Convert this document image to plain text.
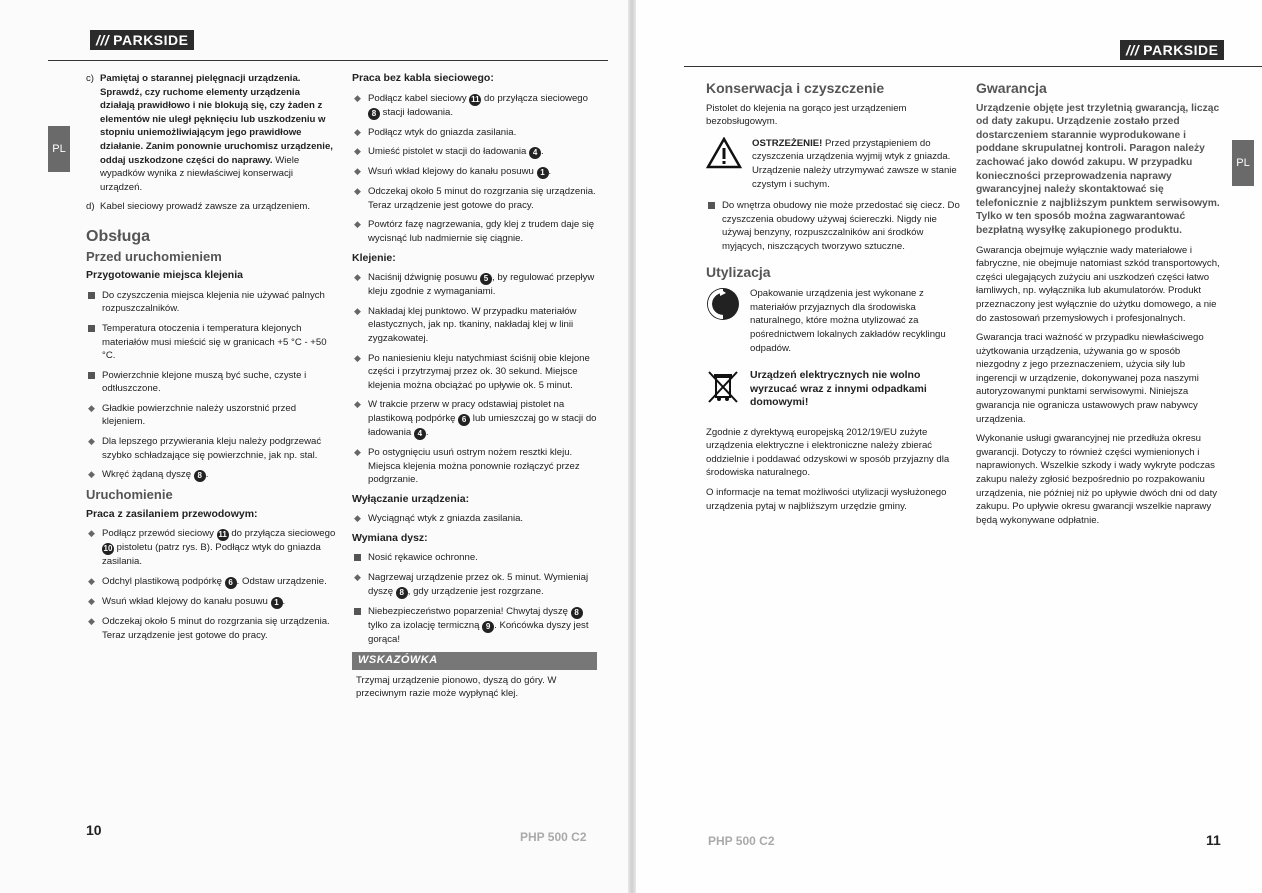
/// PARKSIDE
PL
c) Pamiętaj o starannej pielęgnacji urządzenia. Sprawdź, czy ruchome elementy urządzenia działają prawidłowo i nie blokują się, czy żaden z elementów nie uległ pęknięciu lub uszkodzeniu w stopniu uniemożliwiającym jego prawidłowe działanie. Zanim ponownie uruchomisz urządzenie, oddaj uszkodzone części do naprawy. Wiele wypadków wynika z niewłaściwej konserwacji urządzeń.
d) Kabel sieciowy prowadź zawsze za urządzeniem.
Obsługa
Przed uruchomieniem
Przygotowanie miejsca klejenia
Do czyszczenia miejsca klejenia nie używać palnych rozpuszczalników.
Temperatura otoczenia i temperatura klejonych materiałów musi mieścić się w granicach +5 °C - +50 °C.
Powierzchnie klejone muszą być suche, czyste i odtłuszczone.
◆ Gładkie powierzchnie należy uszorstnić przed klejeniem.
◆ Dla lepszego przywierania kleju należy podgrzewać szybko schładzające się powierzchnie, jak np. stal.
◆ Wkręć żądaną dyszę 8 .
Uruchomienie
Praca z zasilaniem przewodowym:
◆ Podłącz przewód sieciowy 11 do przyłącza sieciowego 10 pistoletu (patrz rys. B). Podłącz wtyk do gniazda zasilania.
◆ Odchyl plastikową podpórkę 6 . Odstaw urządzenie.
◆ Wsuń wkład klejowy do kanału posuwu 1 .
◆ Odczekaj około 5 minut do rozgrzania się urządzenia. Teraz urządzenie jest gotowe do pracy.
Praca bez kabla sieciowego:
◆ Podłącz kabel sieciowy 11 do przyłącza sieciowego 8 stacji ładowania.
◆ Podłącz wtyk do gniazda zasilania.
◆ Umieść pistolet w stacji do ładowania 4 .
◆ Wsuń wkład klejowy do kanału posuwu 1 .
◆ Odczekaj około 5 minut do rozgrzania się urządzenia. Teraz urządzenie jest gotowe do pracy.
◆ Powtórz fazę nagrzewania, gdy klej z trudem daje się wycisnąć lub nadmiernie się ciągnie.
Klejenie:
◆ Naciśnij dźwignię posuwu 5 , by regulować przepływ kleju zgodnie z wymaganiami.
◆ Nakładaj klej punktowo. W przypadku materiałów elastycznych, jak np. tkaniny, nakładaj klej w linii zygzakowatej.
◆ Po naniesieniu kleju natychmiast ściśnij obie klejone części i przytrzymaj przez ok. 30 sekund. Miejsce klejenia można obciążać po upływie ok. 5 minut.
◆ W trakcie przerw w pracy odstawiaj pistolet na plastikową podpórkę 6 lub umieszczaj go w stacji do ładowania 4 .
◆ Po ostygnięciu usuń ostrym nożem resztki kleju. Miejsca klejenia można ponownie rozłączyć przez podgrzanie.
Wyłączanie urządzenia:
◆ Wyciągnąć wtyk z gniazda zasilania.
Wymiana dysz:
Nosić rękawice ochronne.
◆ Nagrzewaj urządzenie przez ok. 5 minut. Wymieniaj dyszę 8 , gdy urządzenie jest rozgrzane.
Niebezpieczeństwo poparzenia! Chwytaj dyszę 8 tylko za izolację termiczną 9 . Końcówka dyszy jest gorąca!
WSKAZÓWKA
Trzymaj urządzenie pionowo, dyszą do góry. W przeciwnym razie może wypłynąć klej.
10	PHP 500 C2
/// PARKSIDE
PL
Konserwacja i czyszczenie

Pistolet do klejenia na gorąco jest urządzeniem bezobsługowym.

OSTRZEŻENIE! Przed przystąpieniem do czyszczenia urządzenia wyjmij wtyk z gniazda. Urządzenie należy utrzymywać zawsze w stanie czystym i suchym.
Do wnętrza obudowy nie może przedostać się ciecz. Do czyszczenia obudowy używaj ściereczki. Nigdy nie używaj benzyny, rozpuszczalników ani środków myjących, niszczących tworzywo sztuczne.
Utylizacja
Opakowanie urządzenia jest wykonane z materiałów przyjaznych dla środowiska naturalnego, które można utylizować za pośrednictwem lokalnych zakładów recyklingu odpadów.
Urządzeń elektrycznych nie wolno wyrzucać wraz z innymi odpadkami domowymi!

Zgodnie z dyrektywą europejską 2012/19/EU zużyte urządzenia elektryczne i elektroniczne należy zbierać oddzielnie i poddawać odzyskowi w sposób przyjazny dla środowiska naturalnego.

O informacje na temat możliwości utylizacji wysłużonego urządzenia pytaj w najbliższym urzędzie gminy.

Gwarancja

Urządzenie objęte jest trzyletnią gwarancją, licząc od daty zakupu. Urządzenie zostało przed dostarczeniem starannie wyprodukowane i poddane skrupulatnej kontroli. Paragon należy zachować jako dowód zakupu. W przypadku konieczności przeprowadzenia naprawy gwarancyjnej należy skontaktować się telefonicznie z najbliższym punktem serwisowym. Tylko w ten sposób można zagwarantować bezpłatną wysyłkę zakupionego produktu.

Gwarancja obejmuje wyłącznie wady materiałowe i fabryczne, nie obejmuje natomiast szkód transportowych, części ulegających zużyciu ani uszkodzeń części łatwo łamliwych, np. wyłącznika lub akumulatorów. Produkt przeznaczony jest wyłącznie do użytku domowego, a nie do zastosowań przemysłowych i profesjonalnych.

Gwarancja traci ważność w przypadku niewłaściwego użytkowania urządzenia, używania go w sposób niezgodny z jego przeznaczeniem, użycia siły lub ingerencji w urządzenie, dokonywanej poza naszymi autoryzowanymi punktami serwisowymi. Niniejsza gwarancja nie ogranicza ustawowych praw nabywcy urządzenia.

Wykonanie usługi gwarancyjnej nie przedłuża okresu gwarancji. Dotyczy to również części wymienionych i naprawionych. Wszelkie szkody i wady wykryte podczas zakupu należy zgłosić bezpośrednio po rozpakowaniu urządzenia, nie później niż po upływie dwóch dni od daty zakupu. Po upływie okresu gwarancji wszelkie naprawy będą wykonywane odpłatnie.

PHP 500 C2	11
